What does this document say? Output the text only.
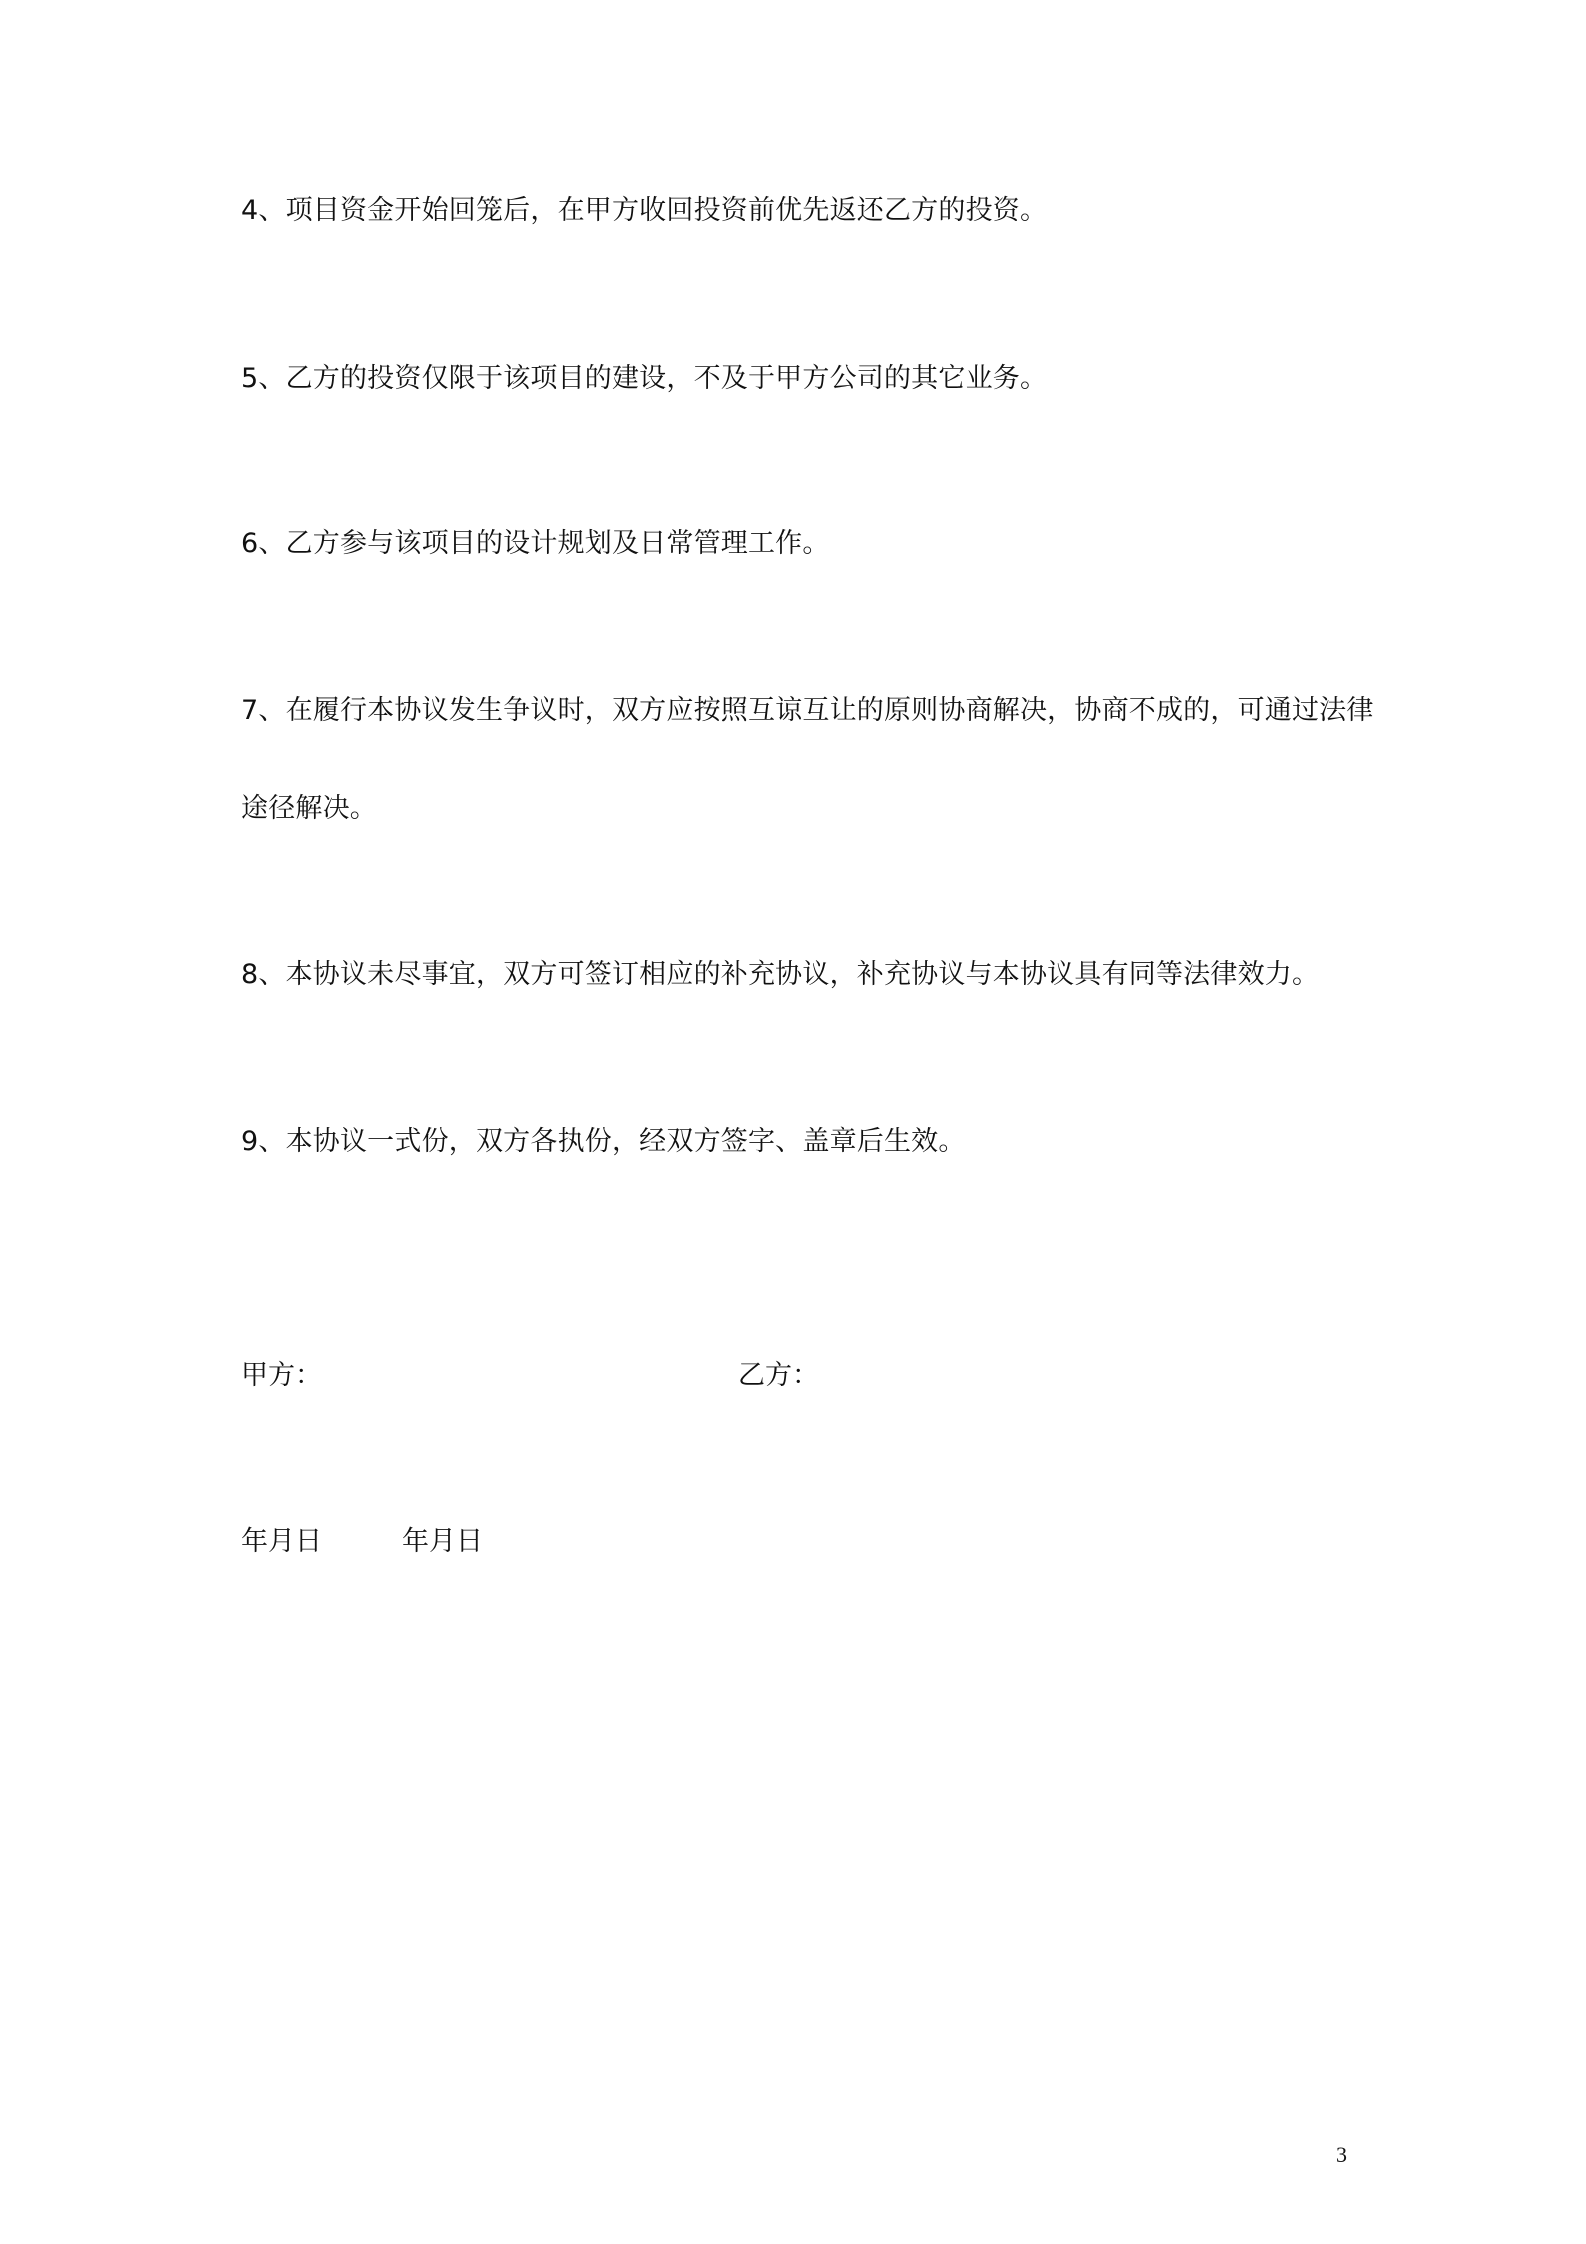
4、项目资金开始回笼后，在甲方收回投资前优先返还乙方的投资。
5、乙方的投资仅限于该项目的建设，不及于甲方公司的其它业务。
6、乙方参与该项目的设计规划及日常管理工作。
7、在履行本协议发生争议时，双方应按照互谅互让的原则协商解决，协商不成的，可通过法律
途径解决。
8、本协议未尽事宜，双方可签订相应的补充协议，补充协议与本协议具有同等法律效力。
9、本协议一式份，双方各执份，经双方签字、盖章后生效。
甲方：	乙方：
年月日	年月日
3
